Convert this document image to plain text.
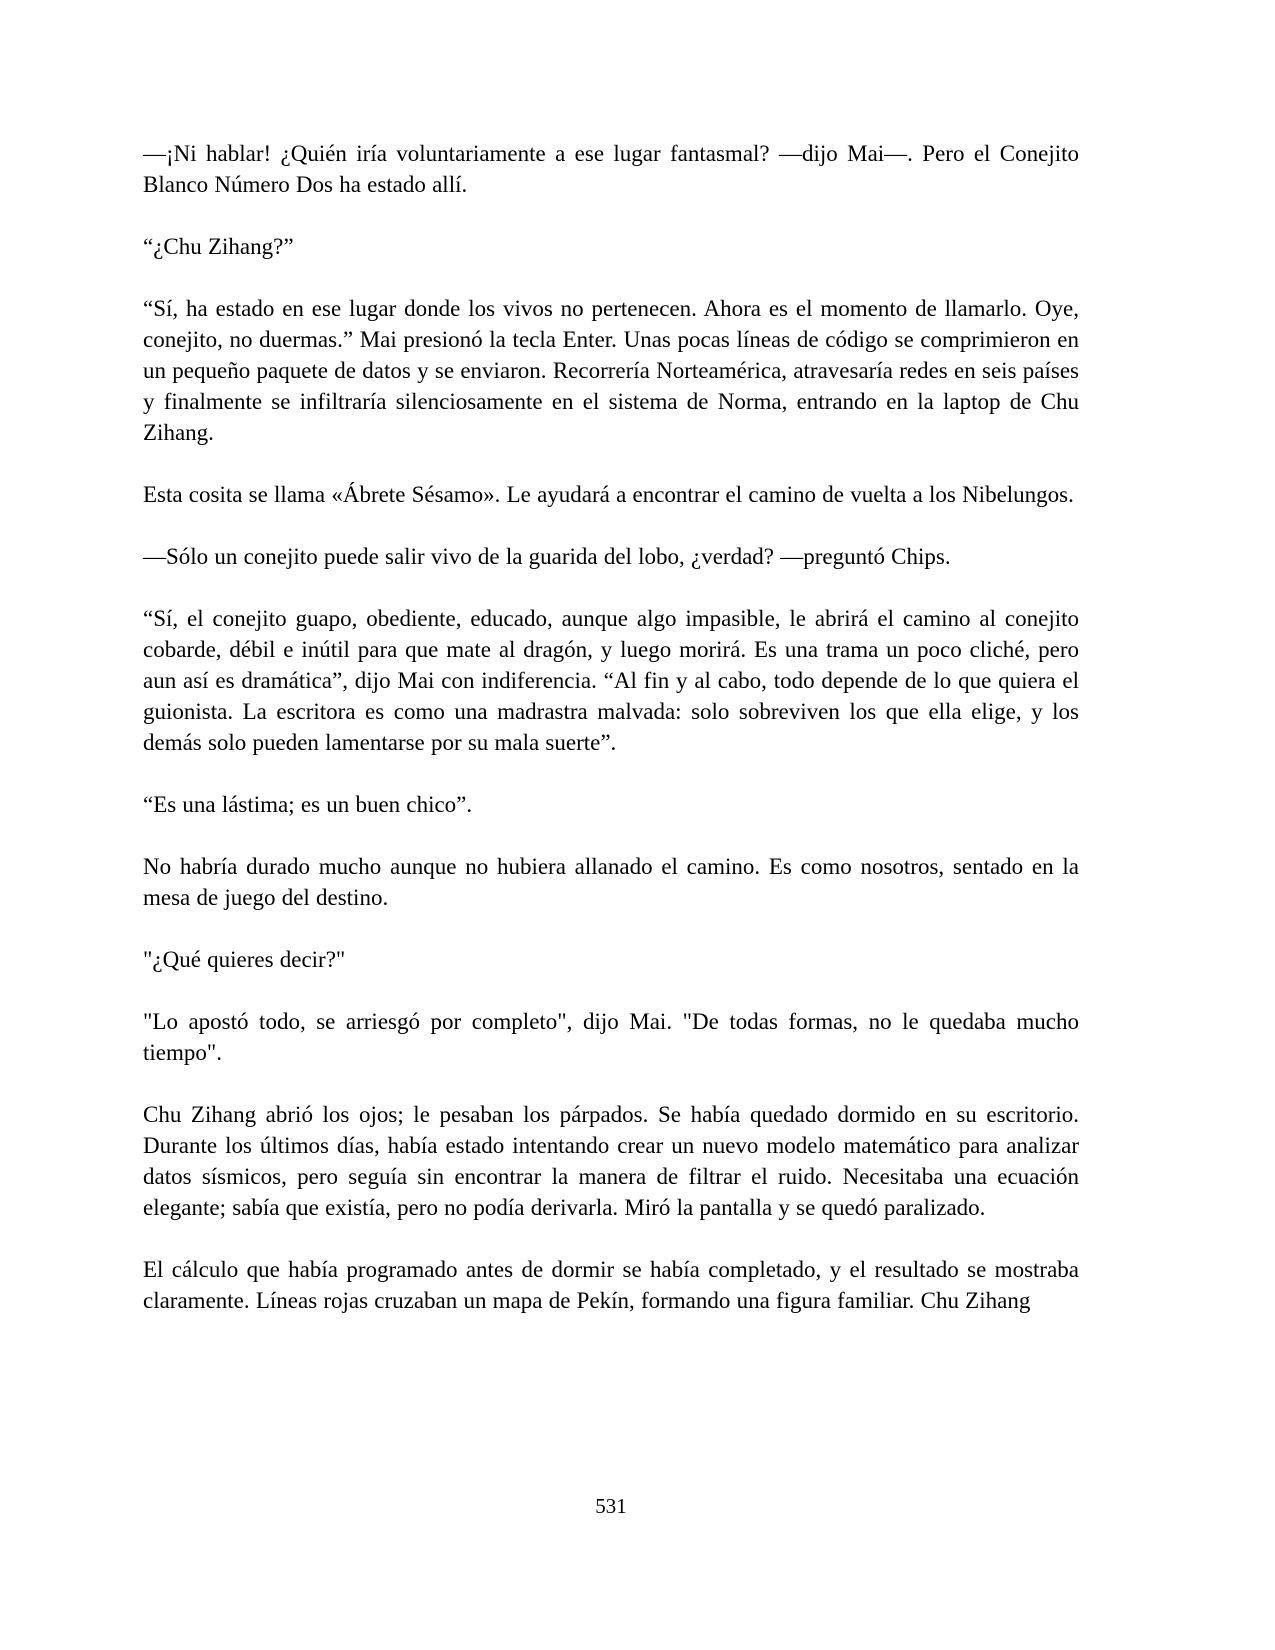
—¡Ni hablar! ¿Quién iría voluntariamente a ese lugar fantasmal? —dijo Mai—. Pero el Conejito Blanco Número Dos ha estado allí.

“¿Chu Zihang?”

“Sí, ha estado en ese lugar donde los vivos no pertenecen. Ahora es el momento de llamarlo. Oye, conejito, no duermas.” Mai presionó la tecla Enter. Unas pocas líneas de código se comprimieron en un pequeño paquete de datos y se enviaron. Recorrería Norteamérica, atravesaría redes en seis países y finalmente se infiltraría silenciosamente en el sistema de Norma, entrando en la laptop de Chu Zihang.

Esta cosita se llama «Ábrete Sésamo». Le ayudará a encontrar el camino de vuelta a los Nibelungos.

—Sólo un conejito puede salir vivo de la guarida del lobo, ¿verdad? —preguntó Chips.

“Sí, el conejito guapo, obediente, educado, aunque algo impasible, le abrirá el camino al conejito cobarde, débil e inútil para que mate al dragón, y luego morirá. Es una trama un poco cliché, pero aun así es dramática”, dijo Mai con indiferencia. “Al fin y al cabo, todo depende de lo que quiera el guionista. La escritora es como una madrastra malvada: solo sobreviven los que ella elige, y los demás solo pueden lamentarse por su mala suerte”.

“Es una lástima; es un buen chico”.

No habría durado mucho aunque no hubiera allanado el camino. Es como nosotros, sentado en la mesa de juego del destino.

"¿Qué quieres decir?"

"Lo apostó todo, se arriesgó por completo", dijo Mai. "De todas formas, no le quedaba mucho tiempo".

Chu Zihang abrió los ojos; le pesaban los párpados. Se había quedado dormido en su escritorio. Durante los últimos días, había estado intentando crear un nuevo modelo matemático para analizar datos sísmicos, pero seguía sin encontrar la manera de filtrar el ruido. Necesitaba una ecuación elegante; sabía que existía, pero no podía derivarla. Miró la pantalla y se quedó paralizado.

El cálculo que había programado antes de dormir se había completado, y el resultado se mostraba claramente. Líneas rojas cruzaban un mapa de Pekín, formando una figura familiar. Chu Zihang

531
